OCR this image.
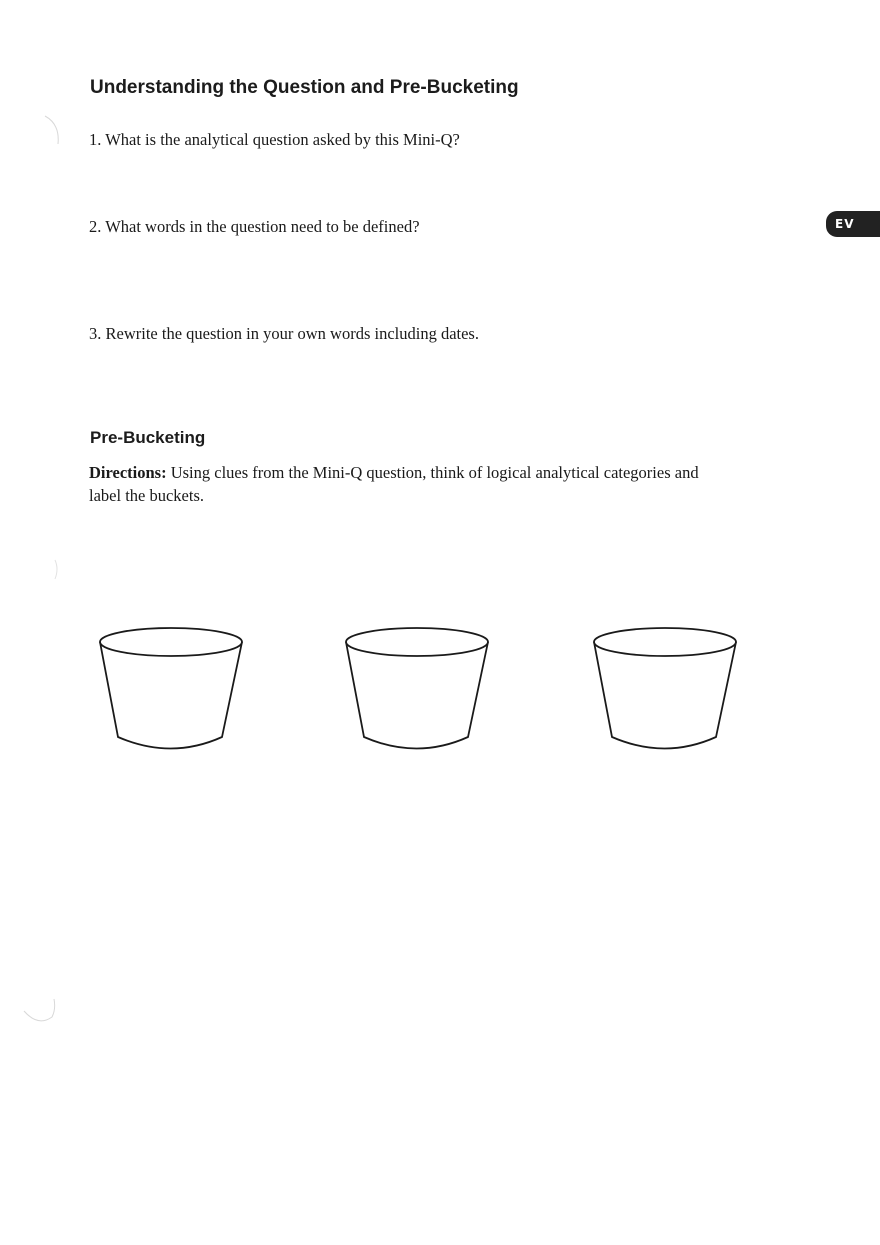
Understanding the Question and Pre-Bucketing
1. What is the analytical question asked by this Mini-Q?
2. What words in the question need to be defined?
3. Rewrite the question in your own words including dates.
EV
Pre-Bucketing
Directions: Using clues from the Mini-Q question, think of logical analytical categories and label the buckets.
